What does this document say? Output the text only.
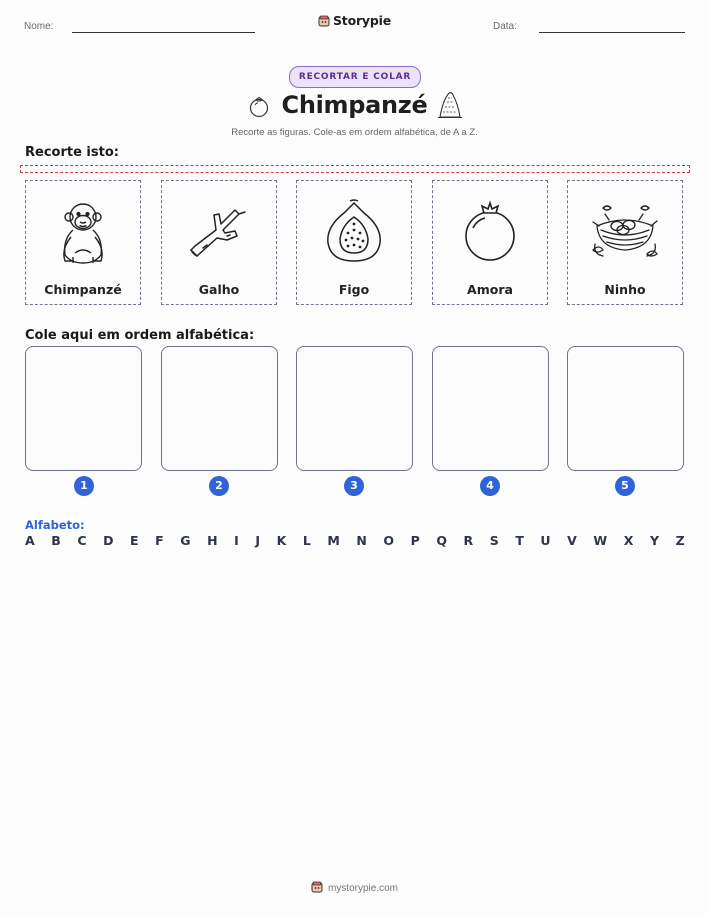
Nome:	Storypie	Data:
RECORTAR E COLAR
Chimpanzé
Recorte as figuras. Cole-as em ordem alfabética, de A a Z.
Recorte isto:
Chimpanzé	Galho	Figo	Amora	Ninho
Cole aqui em ordem alfabética:
1	2	3	4	5
Alfabeto:
A B C D E F G H I J K L M N O P Q R S T U V W X Y Z
mystorypie.com
